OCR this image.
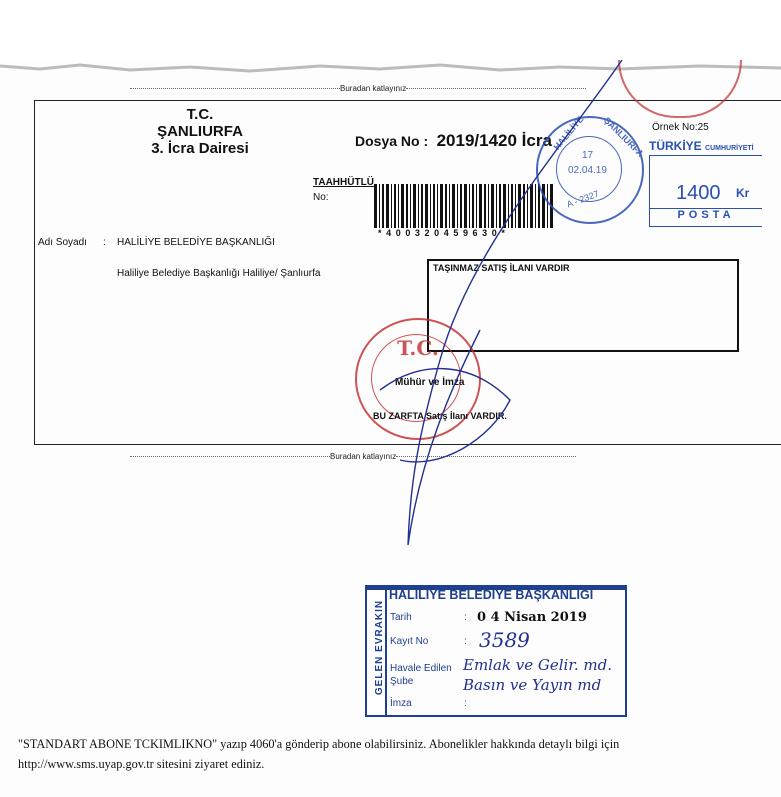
Buradan katlayınız
T.C.
ŞANLIURFA
3. İcra Dairesi	Dosya No : 2019/1420 İcra
TAAHHÜTLÜ
No:
*400320459630*
Adı Soyadı : HALİLİYE BELEDİYE BAŞKANLIĞI
Haliliye Belediye Başkanlığı Haliliye/ Şanlıurfa	TAŞINMAZ SATIŞ İLANI VARDIR
T.C.
Mühür ve İmza
BU ZARFTA Satış İlanı VARDIR.
HALİLİYE ŞANLIURFA
17
02.04.19
A - 2327
Örnek No:25
TÜRKİYE CUMHURİYETİ
1400 Kr
POSTA
Buradan katlayınız
GELEN EVRAKIN
HALİLİYE BELEDİYE BAŞKANLIĞI
Tarih	: 0 4 Nisan 2019
Kayıt No	: 3589
Havale Edilen Emlak ve Gelir. md.
Şube	Basın ve Yayın md
İmza	:
"STANDART ABONE TCKIMLIKNO" yazıp 4060'a gönderip abone olabilirsiniz. Abonelikler hakkında detaylı bilgi için
http://www.sms.uyap.gov.tr sitesini ziyaret ediniz.
